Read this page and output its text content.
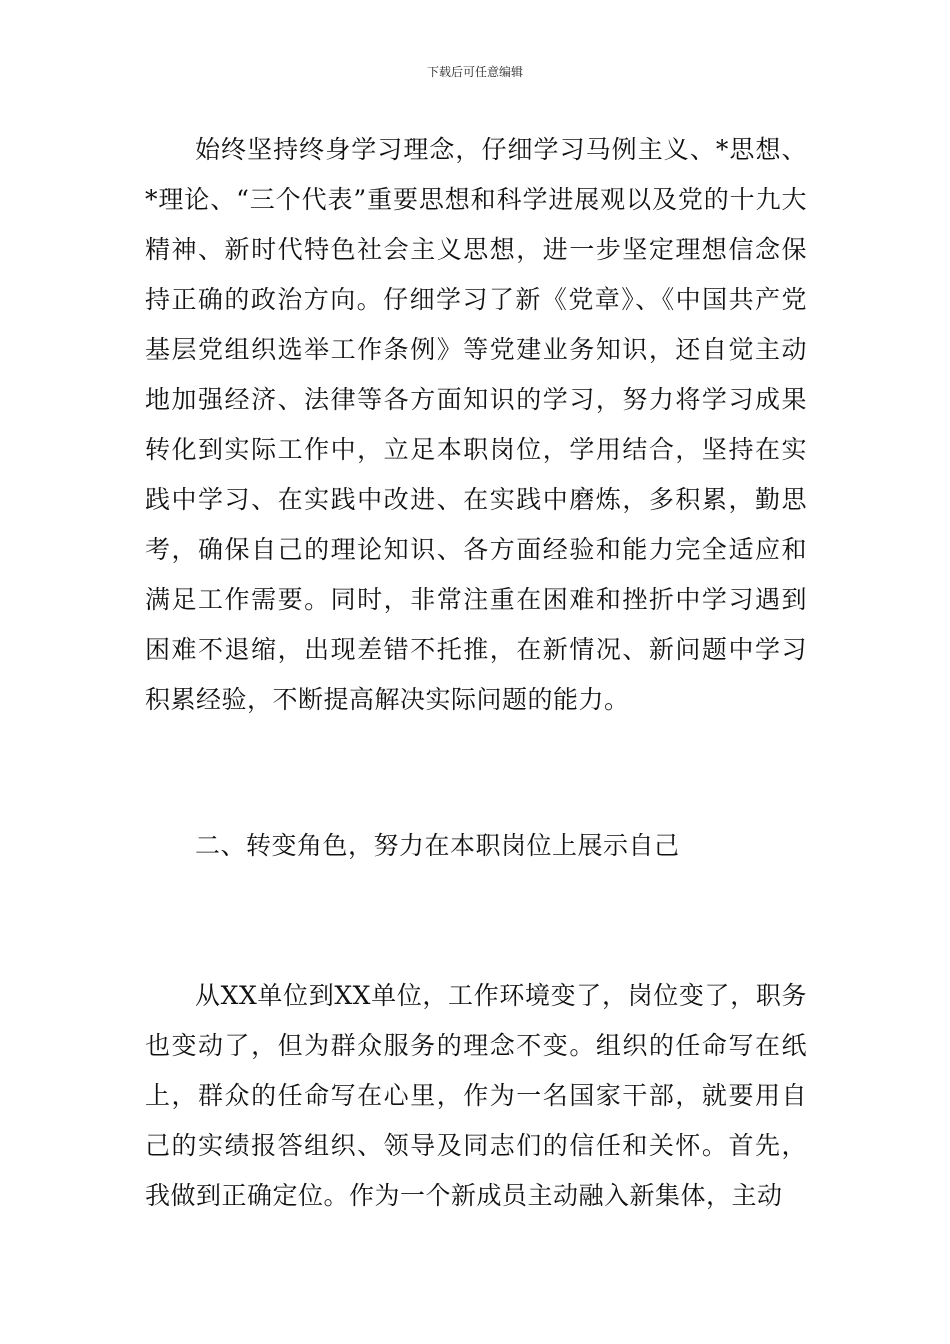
下载后可任意编辑

始终坚持终身学习理念，仔细学习马例主义、*思想、*理论、“三个代表”重要思想和科学进展观以及党的十九大精神、新时代特色社会主义思想，进一步坚定理想信念保持正确的政治方向。仔细学习了新《党章》、《中国共产党基层党组织选举工作条例》等党建业务知识，还自觉主动地加强经济、法律等各方面知识的学习，努力将学习成果转化到实际工作中，立足本职岗位，学用结合，坚持在实践中学习、在实践中改进、在实践中磨炼，多积累，勤思考，确保自己的理论知识、各方面经验和能力完全适应和满足工作需要。同时，非常注重在困难和挫折中学习遇到困难不退缩，出现差错不托推，在新情况、新问题中学习积累经验，不断提高解决实际问题的能力。

二、转变角色，努力在本职岗位上展示自己

从XX单位到XX单位，工作环境变了，岗位变了，职务也变动了，但为群众服务的理念不变。组织的任命写在纸上，群众的任命写在心里，作为一名国家干部，就要用自己的实绩报答组织、领导及同志们的信任和关怀。首先，我做到正确定位。作为一个新成员主动融入新集体，主动
